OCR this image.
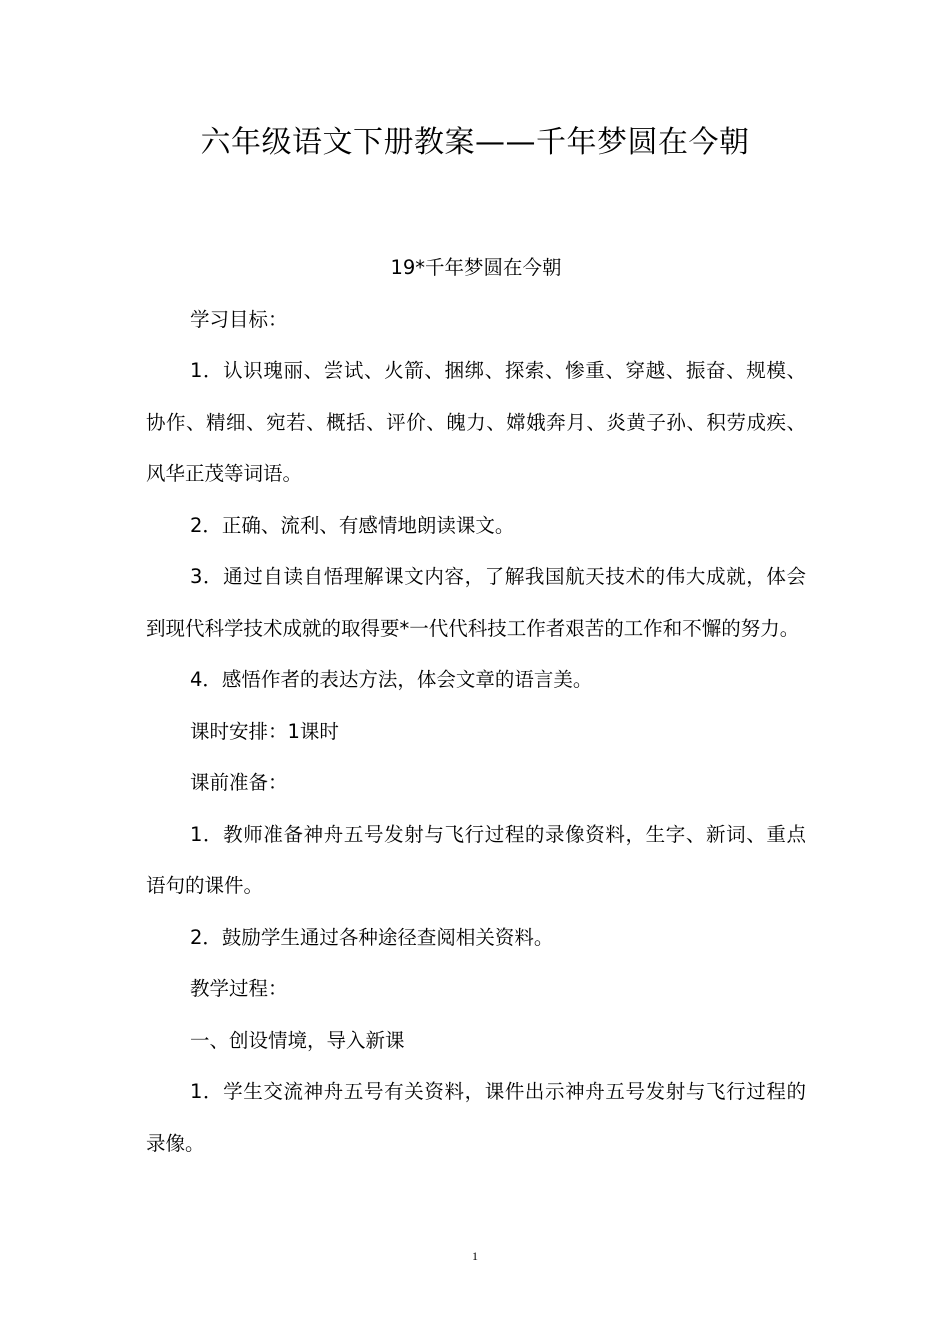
六年级语文下册教案——千年梦圆在今朝

19*千年梦圆在今朝

学习目标：

1．认识瑰丽、尝试、火箭、捆绑、探索、惨重、穿越、振奋、规模、协作、精细、宛若、概括、评价、魄力、嫦娥奔月、炎黄子孙、积劳成疾、风华正茂等词语。

2．正确、流利、有感情地朗读课文。

3．通过自读自悟理解课文内容，了解我国航天技术的伟大成就，体会到现代科学技术成就的取得要*一代代科技工作者艰苦的工作和不懈的努力。

4．感悟作者的表达方法，体会文章的语言美。

课时安排：1课时

课前准备：

1．教师准备神舟五号发射与飞行过程的录像资料，生字、新词、重点语句的课件。

2．鼓励学生通过各种途径查阅相关资料。

教学过程：

一、创设情境，导入新课

1．学生交流神舟五号有关资料，课件出示神舟五号发射与飞行过程的录像。

1
